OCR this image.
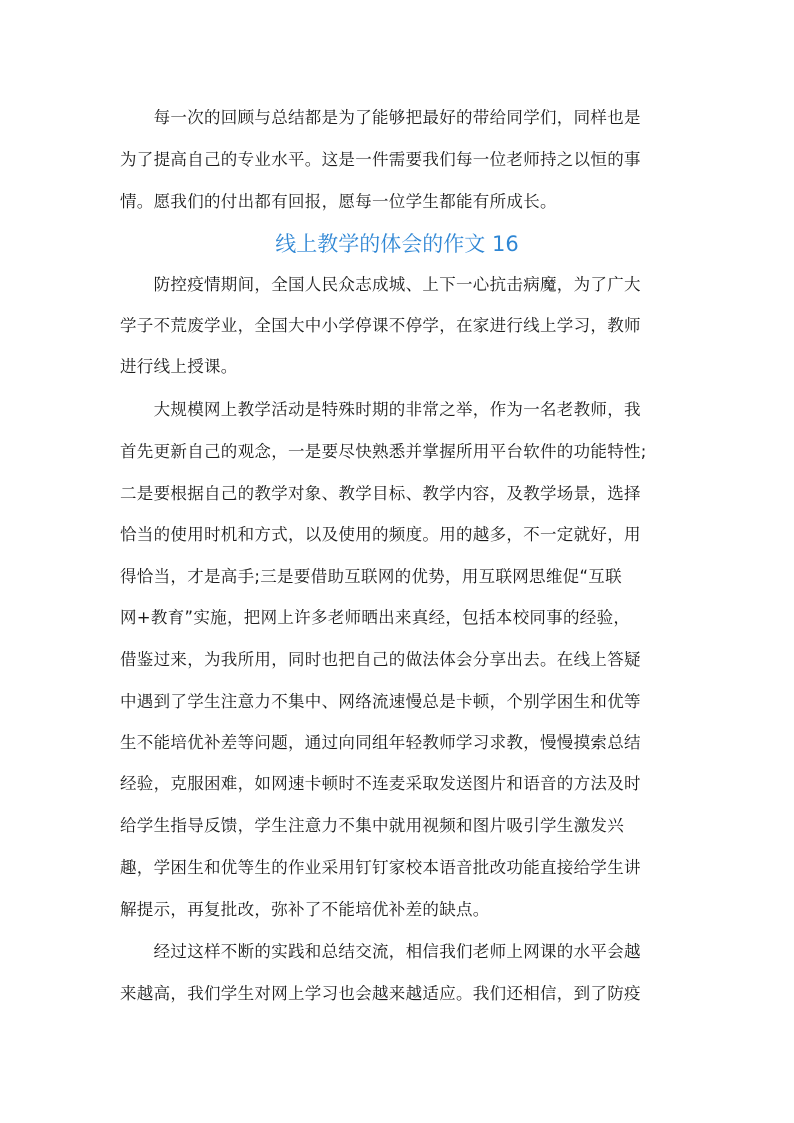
　　每一次的回顾与总结都是为了能够把最好的带给同学们，同样也是
为了提高自己的专业水平。这是一件需要我们每一位老师持之以恒的事
情。愿我们的付出都有回报，愿每一位学生都能有所成长。
线上教学的体会的作文 16
　　防控疫情期间，全国人民众志成城、上下一心抗击病魔，为了广大
学子不荒废学业，全国大中小学停课不停学，在家进行线上学习，教师
进行线上授课。
　　大规模网上教学活动是特殊时期的非常之举，作为一名老教师，我
首先更新自己的观念，一是要尽快熟悉并掌握所用平台软件的功能特性;
二是要根据自己的教学对象、教学目标、教学内容，及教学场景，选择
恰当的使用时机和方式，以及使用的频度。用的越多，不一定就好，用
得恰当，才是高手;三是要借助互联网的优势，用互联网思维促“互联
网+教育”实施，把网上许多老师晒出来真经，包括本校同事的经验，
借鉴过来，为我所用，同时也把自己的做法体会分享出去。在线上答疑
中遇到了学生注意力不集中、网络流速慢总是卡顿，个别学困生和优等
生不能培优补差等问题，通过向同组年轻教师学习求教，慢慢摸索总结
经验，克服困难，如网速卡顿时不连麦采取发送图片和语音的方法及时
给学生指导反馈，学生注意力不集中就用视频和图片吸引学生激发兴
趣，学困生和优等生的作业采用钉钉家校本语音批改功能直接给学生讲
解提示，再复批改，弥补了不能培优补差的缺点。
　　经过这样不断的实践和总结交流，相信我们老师上网课的水平会越
来越高，我们学生对网上学习也会越来越适应。我们还相信，到了防疫
